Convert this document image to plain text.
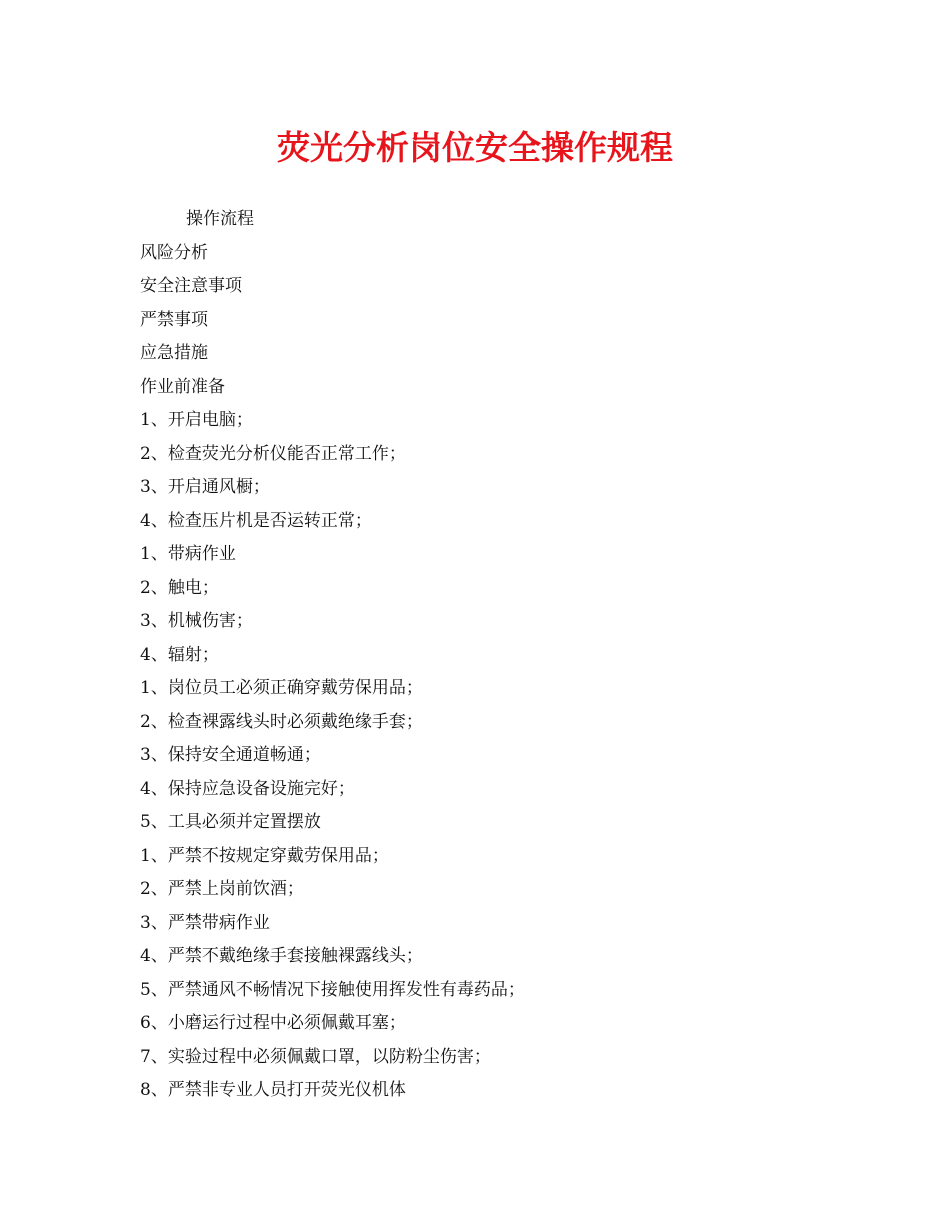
荧光分析岗位安全操作规程
操作流程
风险分析
安全注意事项
严禁事项
应急措施
作业前准备
1、开启电脑；
2、检查荧光分析仪能否正常工作；
3、开启通风橱；
4、检查压片机是否运转正常；
1、带病作业
2、触电；
3、机械伤害；
4、辐射；
1、岗位员工必须正确穿戴劳保用品；
2、检查裸露线头时必须戴绝缘手套；
3、保持安全通道畅通；
4、保持应急设备设施完好；
5、工具必须并定置摆放
1、严禁不按规定穿戴劳保用品；
2、严禁上岗前饮酒；
3、严禁带病作业
4、严禁不戴绝缘手套接触裸露线头；
5、严禁通风不畅情况下接触使用挥发性有毒药品；
6、小磨运行过程中必须佩戴耳塞；
7、实验过程中必须佩戴口罩，以防粉尘伤害；
8、严禁非专业人员打开荧光仪机体
